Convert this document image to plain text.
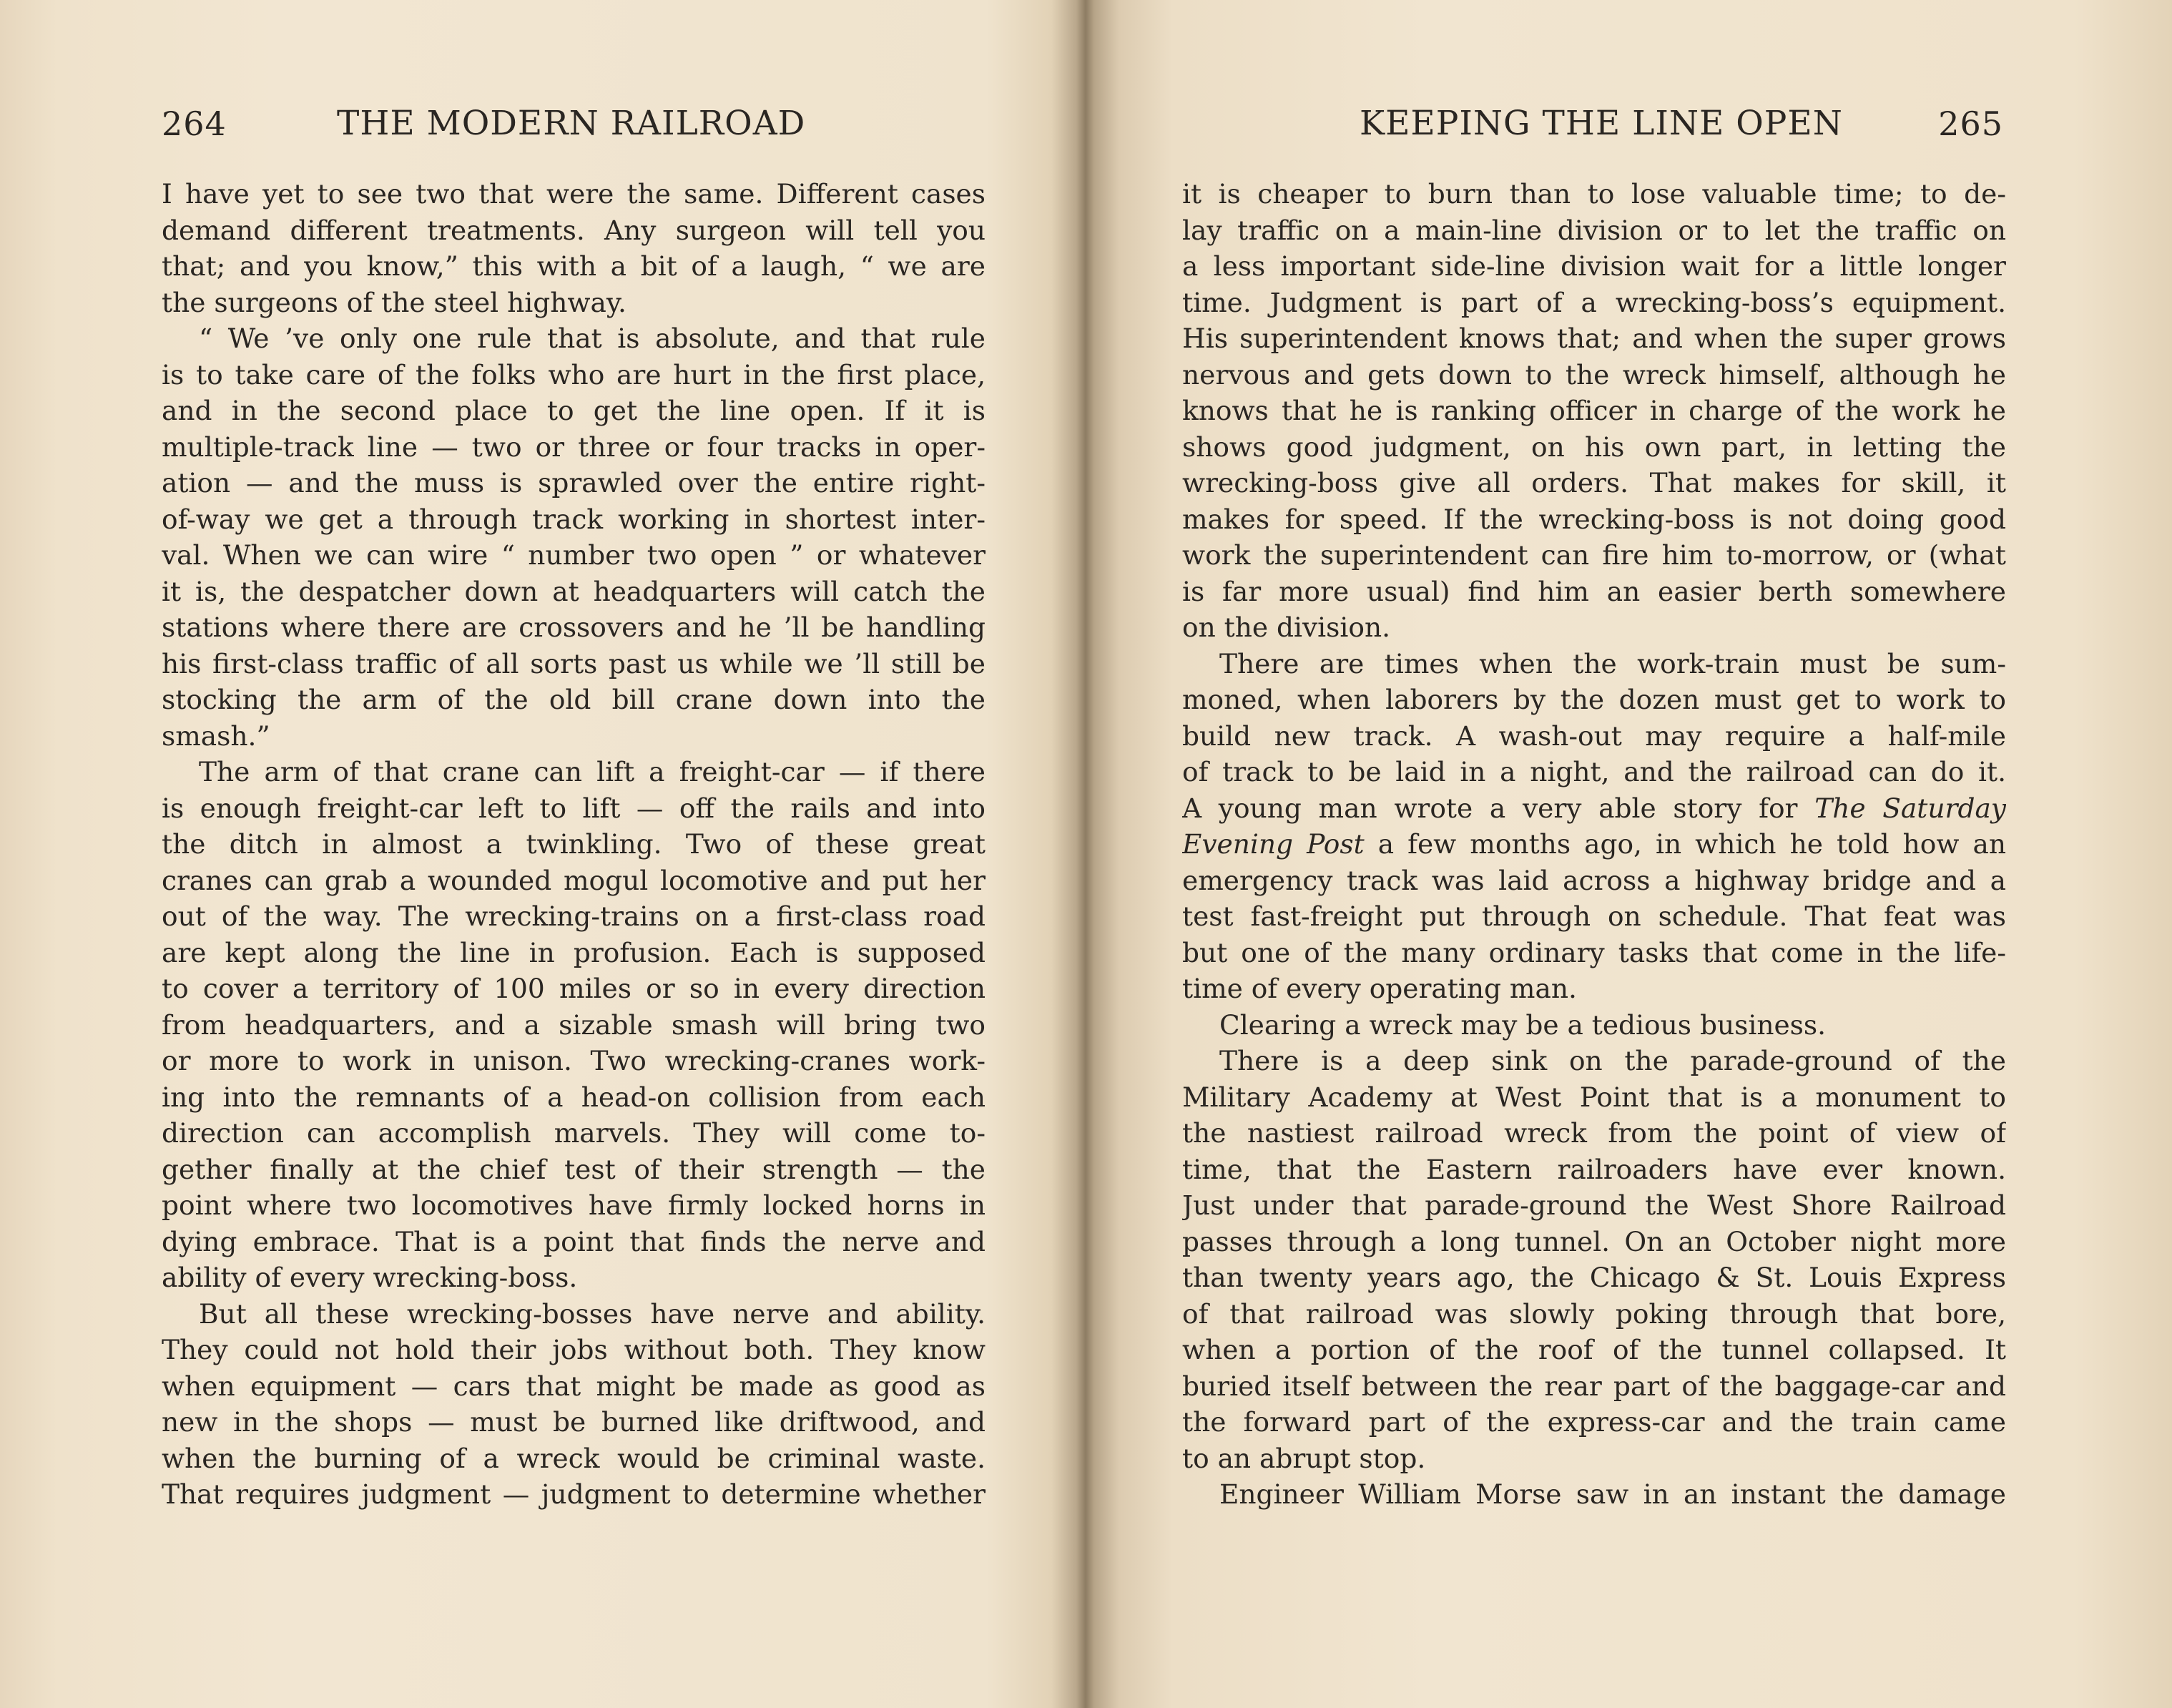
264	THE MODERN RAILROAD
I have yet to see two that were the same. Different cases
demand different treatments. Any surgeon will tell you
that; and you know,” this with a bit of a laugh, “ we are
the surgeons of the steel highway.
“ We ’ve only one rule that is absolute, and that rule
is to take care of the folks who are hurt in the first place,
and in the second place to get the line open. If it is
multiple-track line — two or three or four tracks in oper-
ation — and the muss is sprawled over the entire right-
of-way we get a through track working in shortest inter-
val. When we can wire “ number two open ” or whatever
it is, the despatcher down at headquarters will catch the
stations where there are crossovers and he ’ll be handling
his first-class traffic of all sorts past us while we ’ll still be
stocking the arm of the old bill crane down into the
smash.”
The arm of that crane can lift a freight-car — if there
is enough freight-car left to lift — off the rails and into
the ditch in almost a twinkling. Two of these great
cranes can grab a wounded mogul locomotive and put her
out of the way. The wrecking-trains on a first-class road
are kept along the line in profusion. Each is supposed
to cover a territory of 100 miles or so in every direction
from headquarters, and a sizable smash will bring two
or more to work in unison. Two wrecking-cranes work-
ing into the remnants of a head-on collision from each
direction can accomplish marvels. They will come to-
gether finally at the chief test of their strength — the
point where two locomotives have firmly locked horns in
dying embrace. That is a point that finds the nerve and
ability of every wrecking-boss.
But all these wrecking-bosses have nerve and ability.
They could not hold their jobs without both. They know
when equipment — cars that might be made as good as
new in the shops — must be burned like driftwood, and
when the burning of a wreck would be criminal waste.
That requires judgment — judgment to determine whether
KEEPING THE LINE OPEN	265
it is cheaper to burn than to lose valuable time; to de-
lay traffic on a main-line division or to let the traffic on
a less important side-line division wait for a little longer
time. Judgment is part of a wrecking-boss’s equipment.
His superintendent knows that; and when the super grows
nervous and gets down to the wreck himself, although he
knows that he is ranking officer in charge of the work he
shows good judgment, on his own part, in letting the
wrecking-boss give all orders. That makes for skill, it
makes for speed. If the wrecking-boss is not doing good
work the superintendent can fire him to-morrow, or (what
is far more usual) find him an easier berth somewhere
on the division.
There are times when the work-train must be sum-
moned, when laborers by the dozen must get to work to
build new track. A wash-out may require a half-mile
of track to be laid in a night, and the railroad can do it.
A young man wrote a very able story for The Saturday
Evening Post a few months ago, in which he told how an
emergency track was laid across a highway bridge and a
test fast-freight put through on schedule. That feat was
but one of the many ordinary tasks that come in the life-
time of every operating man.
Clearing a wreck may be a tedious business.
There is a deep sink on the parade-ground of the
Military Academy at West Point that is a monument to
the nastiest railroad wreck from the point of view of
time, that the Eastern railroaders have ever known.
Just under that parade-ground the West Shore Railroad
passes through a long tunnel. On an October night more
than twenty years ago, the Chicago & St. Louis Express
of that railroad was slowly poking through that bore,
when a portion of the roof of the tunnel collapsed. It
buried itself between the rear part of the baggage-car and
the forward part of the express-car and the train came
to an abrupt stop.
Engineer William Morse saw in an instant the damage
